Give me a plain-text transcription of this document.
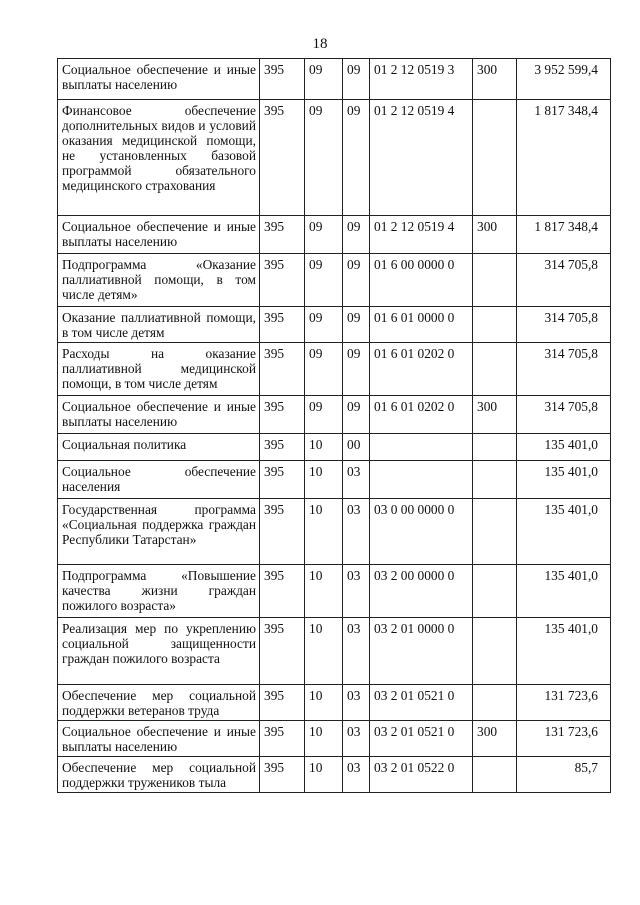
18
Социальное обеспечение и иные выплаты населению	395	09	09	01 2 12 0519 3	300	3 952 599,4
Финансовое обеспечение дополнительных видов и условий оказания медицинской помощи, не установленных базовой программой обязательного медицинского страхования	395	09	09	01 2 12 0519 4		1 817 348,4
Социальное обеспечение и иные выплаты населению	395	09	09	01 2 12 0519 4	300	1 817 348,4
Подпрограмма «Оказание паллиативной помощи, в том числе детям»	395	09	09	01 6 00 0000 0		314 705,8
Оказание паллиативной помощи, в том числе детям	395	09	09	01 6 01 0000 0		314 705,8
Расходы на оказание паллиативной медицинской помощи, в том числе детям	395	09	09	01 6 01 0202 0		314 705,8
Социальное обеспечение и иные выплаты населению	395	09	09	01 6 01 0202 0	300	314 705,8
Социальная политика	395	10	00			135 401,0
Социальное обеспечение населения	395	10	03			135 401,0
Государственная программа «Социальная поддержка граждан Республики Татарстан»	395	10	03	03 0 00 0000 0		135 401,0
Подпрограмма «Повышение качества жизни граждан пожилого возраста»	395	10	03	03 2 00 0000 0		135 401,0
Реализация мер по укреплению социальной защищенности граждан пожилого возраста	395	10	03	03 2 01 0000 0		135 401,0
Обеспечение мер социальной поддержки ветеранов труда	395	10	03	03 2 01 0521 0		131 723,6
Социальное обеспечение и иные выплаты населению	395	10	03	03 2 01 0521 0	300	131 723,6
Обеспечение мер социальной поддержки тружеников тыла	395	10	03	03 2 01 0522 0		85,7
